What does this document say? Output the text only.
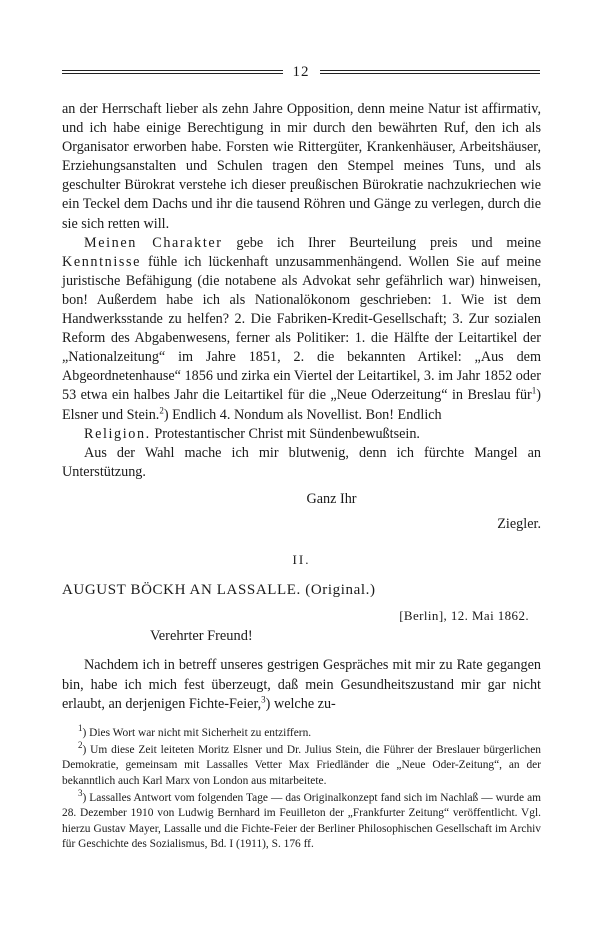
12

an der Herrschaft lieber als zehn Jahre Opposition, denn meine Natur ist affirmativ, und ich habe einige Berechtigung in mir durch den bewährten Ruf, den ich als Organisator erworben habe. Forsten wie Rittergüter, Krankenhäuser, Arbeitshäuser, Erziehungsanstalten und Schulen tragen den Stempel meines Tuns, und als geschulter Bürokrat verstehe ich dieser preußischen Bürokratie nachzukriechen wie ein Teckel dem Dachs und ihr die tausend Röhren und Gänge zu verlegen, durch die sie sich retten will.

Meinen Charakter gebe ich Ihrer Beurteilung preis und meine Kenntnisse fühle ich lückenhaft unzusammenhängend. Wollen Sie auf meine juristische Befähigung (die notabene als Advokat sehr gefährlich war) hinweisen, bon! Außerdem habe ich als Nationalökonom geschrieben: 1. Wie ist dem Handwerksstande zu helfen? 2. Die Fabriken-Kredit-Gesellschaft; 3. Zur sozialen Reform des Abgabenwesens, ferner als Politiker: 1. die Hälfte der Leitartikel der „Nationalzeitung“ im Jahre 1851, 2. die bekannten Artikel: „Aus dem Abgeordnetenhause“ 1856 und zirka ein Viertel der Leitartikel, 3. im Jahr 1852 oder 53 etwa ein halbes Jahr die Leitartikel für die „Neue Oderzeitung“ in Breslau für$^1$) Elsner und Stein.$^2$) Endlich 4. Nondum als Novellist. Bon! Endlich

Religion. Protestantischer Christ mit Sündenbewußtsein.

Aus der Wahl mache ich mir blutwenig, denn ich fürchte Mangel an Unterstützung.

Ganz Ihr

Ziegler.

II.

AUGUST BÖCKH AN LASSALLE. (Original.)

[Berlin], 12. Mai 1862.

Verehrter Freund!

Nachdem ich in betreff unseres gestrigen Gespräches mit mir zu Rate gegangen bin, habe ich mich fest überzeugt, daß mein Gesundheitszustand mir gar nicht erlaubt, an derjenigen Fichte-Feier,$^3$) welche zu-

$^1$) Dies Wort war nicht mit Sicherheit zu entziffern.

$^2$) Um diese Zeit leiteten Moritz Elsner und Dr. Julius Stein, die Führer der Breslauer bürgerlichen Demokratie, gemeinsam mit Lassalles Vetter Max Friedländer die „Neue Oder-Zeitung“, an der bekanntlich auch Karl Marx von London aus mitarbeitete.

$^3$) Lassalles Antwort vom folgenden Tage — das Originalkonzept fand sich im Nachlaß — wurde am 28. Dezember 1910 von Ludwig Bernhard im Feuilleton der „Frankfurter Zeitung“ veröffentlicht. Vgl. hierzu Gustav Mayer, Lassalle und die Fichte-Feier der Berliner Philosophischen Gesellschaft im Archiv für Geschichte des Sozialismus, Bd. I (1911), S. 176 ff.
